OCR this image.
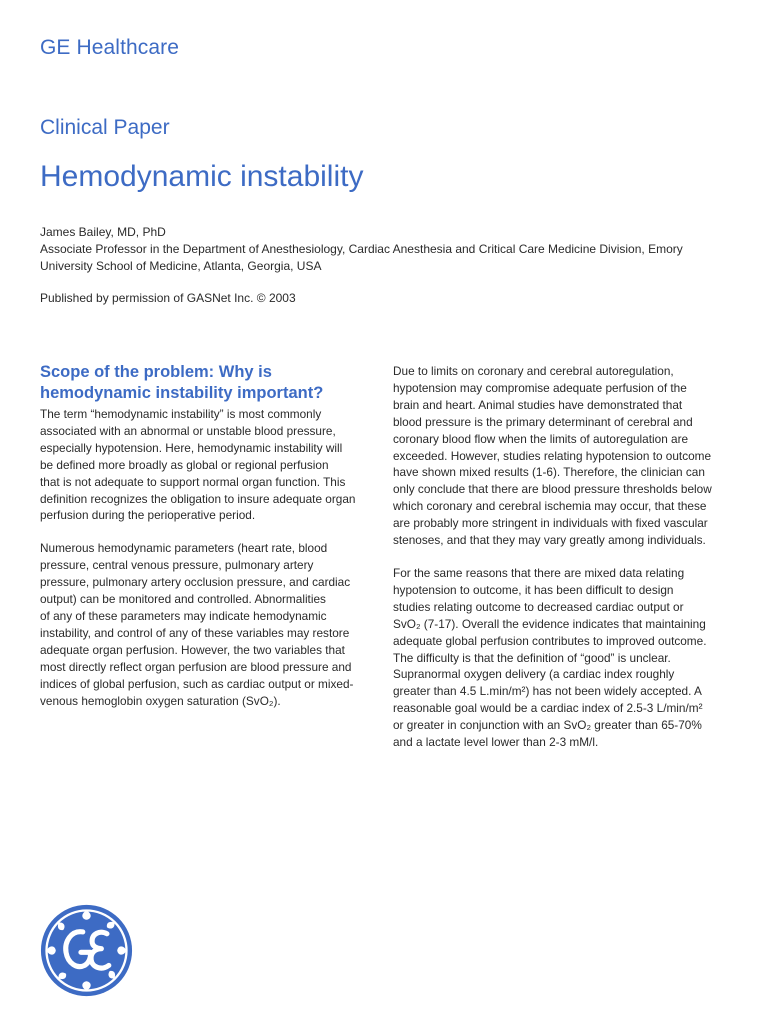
GE Healthcare
Clinical Paper
Hemodynamic instability
James Bailey, MD, PhD
Associate Professor in the Department of Anesthesiology, Cardiac Anesthesia and Critical Care Medicine Division, Emory University School of Medicine, Atlanta, Georgia, USA
Published by permission of GASNet Inc. © 2003
Scope of the problem: Why is hemodynamic instability important?

The term “hemodynamic instability” is most commonly
associated with an abnormal or unstable blood pressure,
especially hypotension. Here, hemodynamic instability will
be defined more broadly as global or regional perfusion
that is not adequate to support normal organ function. This
definition recognizes the obligation to insure adequate organ
perfusion during the perioperative period.

Numerous hemodynamic parameters (heart rate, blood
pressure, central venous pressure, pulmonary artery
pressure, pulmonary artery occlusion pressure, and cardiac
output) can be monitored and controlled. Abnormalities
of any of these parameters may indicate hemodynamic
instability, and control of any of these variables may restore
adequate organ perfusion. However, the two variables that
most directly reflect organ perfusion are blood pressure and
indices of global perfusion, such as cardiac output or mixed-
venous hemoglobin oxygen saturation (SvO₂).

Due to limits on coronary and cerebral autoregulation,
hypotension may compromise adequate perfusion of the
brain and heart. Animal studies have demonstrated that
blood pressure is the primary determinant of cerebral and
coronary blood flow when the limits of autoregulation are
exceeded. However, studies relating hypotension to outcome
have shown mixed results (1-6). Therefore, the clinician can
only conclude that there are blood pressure thresholds below
which coronary and cerebral ischemia may occur, that these
are probably more stringent in individuals with fixed vascular
stenoses, and that they may vary greatly among individuals.

For the same reasons that there are mixed data relating
hypotension to outcome, it has been difficult to design
studies relating outcome to decreased cardiac output or
SvO₂ (7-17). Overall the evidence indicates that maintaining
adequate global perfusion contributes to improved outcome.
The difficulty is that the definition of “good” is unclear.
Supranormal oxygen delivery (a cardiac index roughly
greater than 4.5 L.min/m²) has not been widely accepted. A
reasonable goal would be a cardiac index of 2.5-3 L/min/m²
or greater in conjunction with an SvO₂ greater than 65-70%
and a lactate level lower than 2-3 mM/l.
